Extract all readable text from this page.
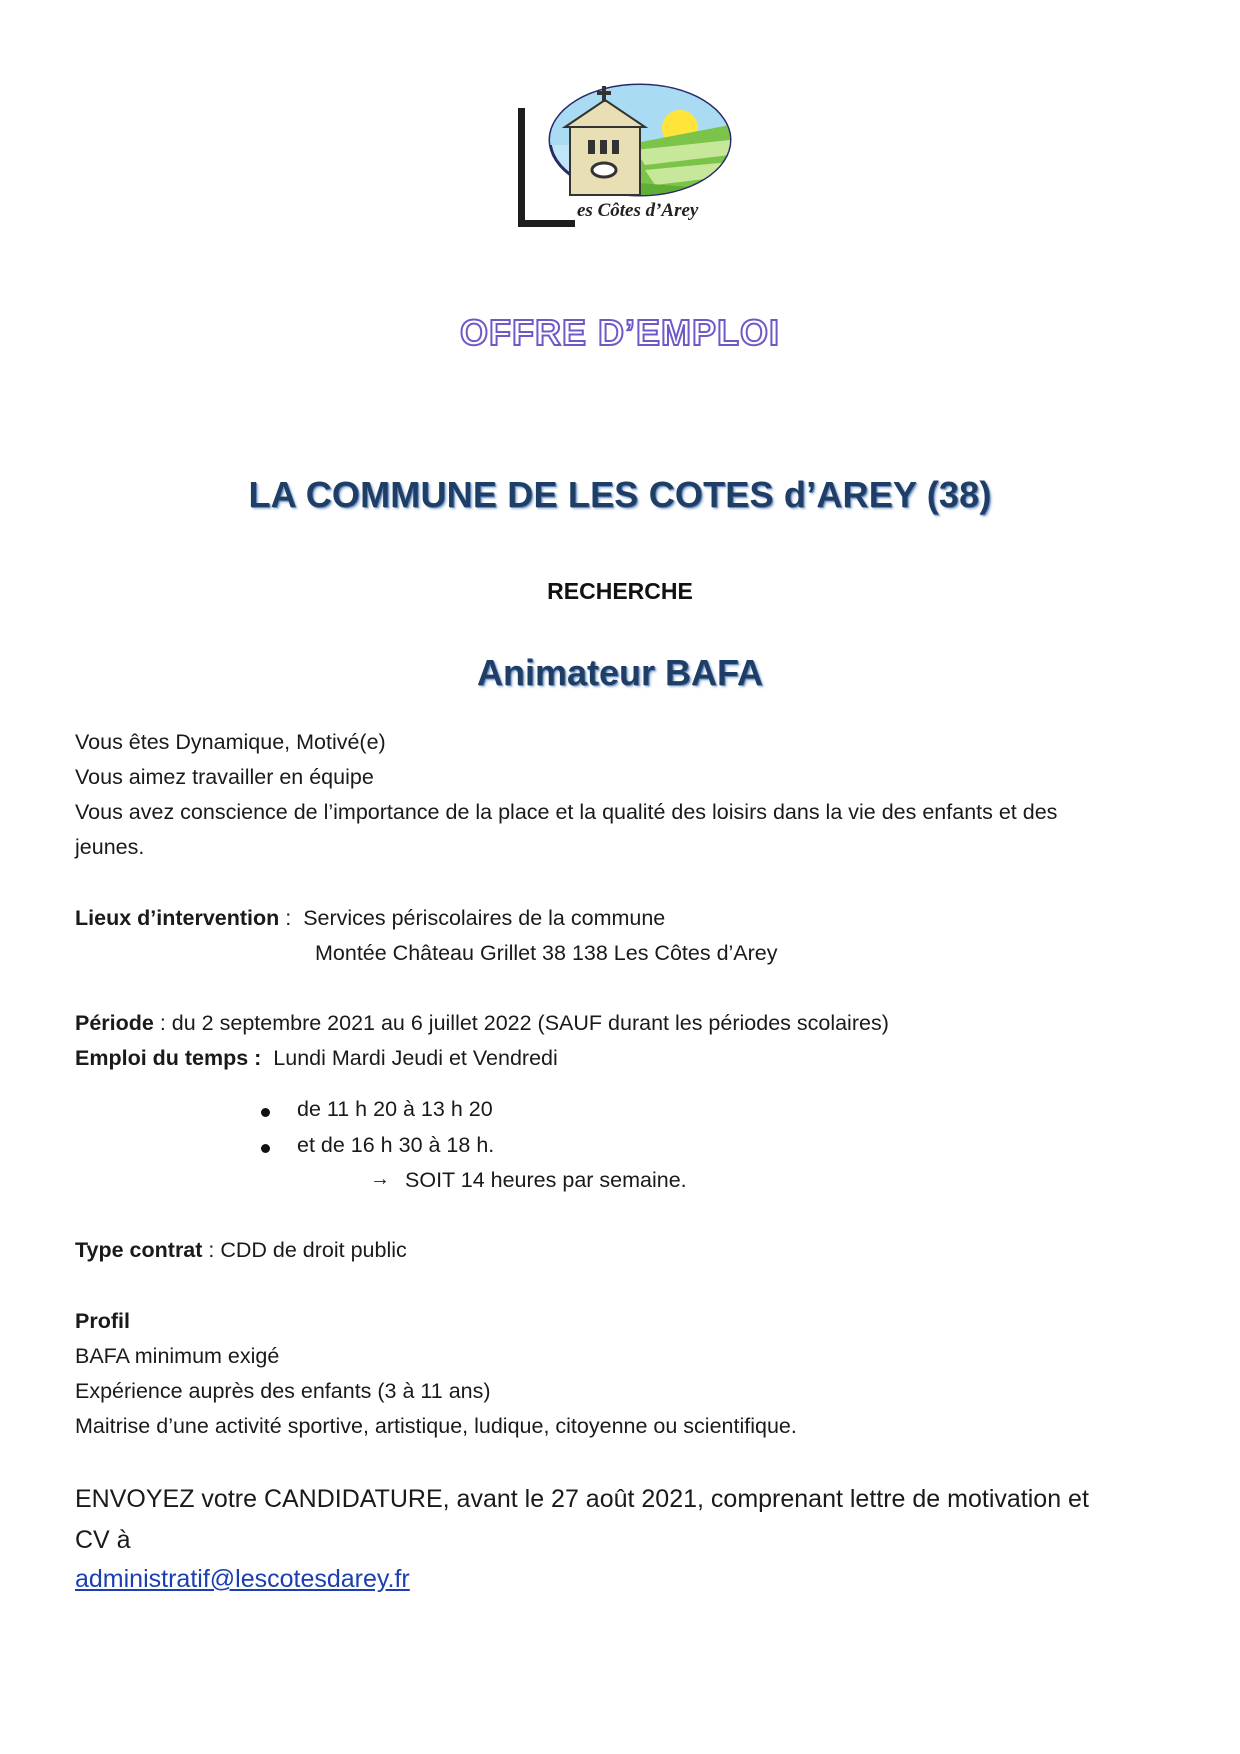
es Côtes d’Arey
OFFRE D’EMPLOI
LA COMMUNE DE LES COTES d’AREY (38)
RECHERCHE
Animateur BAFA
Vous êtes Dynamique, Motivé(e)
Vous aimez travailler en équipe
Vous avez conscience de l’importance de la place et la qualité des loisirs dans la vie des enfants et des
jeunes.
Lieux d’intervention :  Services périscolaires de la commune
Montée Château Grillet 38 138 Les Côtes d’Arey
Période : du 2 septembre 2021 au 6 juillet 2022 (SAUF durant les périodes scolaires)
Emploi du temps :  Lundi Mardi Jeudi et Vendredi
de 11 h 20 à 13 h 20
et de 16 h 30 à 18 h.
→ SOIT 14 heures par semaine.
Type contrat : CDD de droit public
Profil
BAFA minimum exigé
Expérience auprès des enfants (3 à 11 ans)
Maitrise d’une activité sportive, artistique, ludique, citoyenne ou scientifique.
ENVOYEZ votre CANDIDATURE, avant le 27 août 2021, comprenant lettre de motivation et
CV à
administratif@lescotesdarey.fr
